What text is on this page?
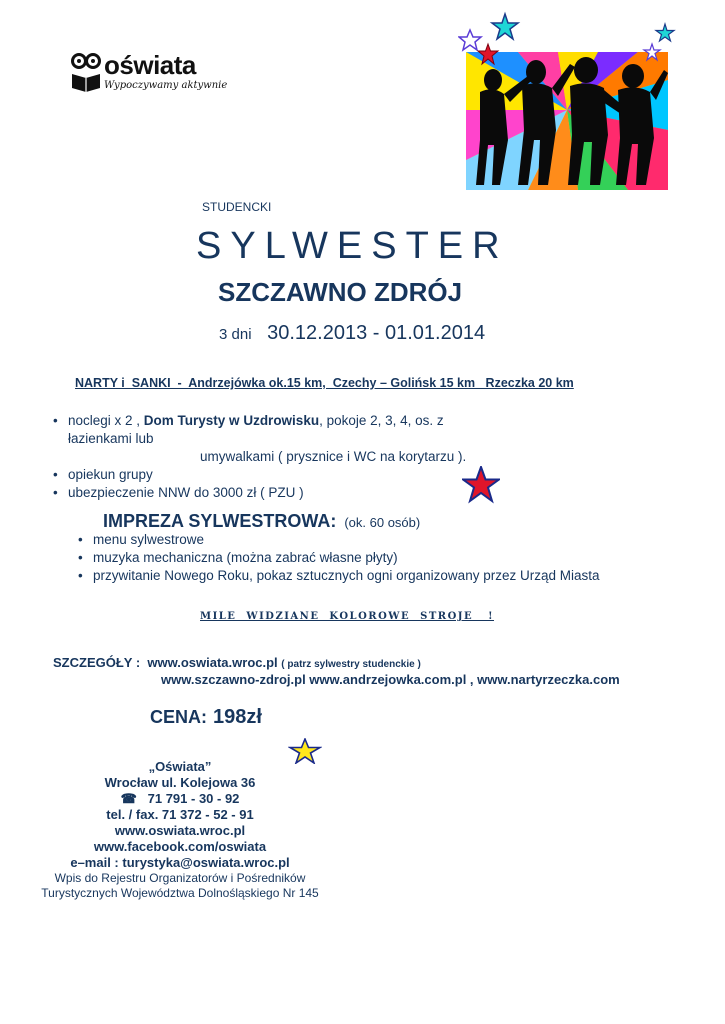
oświata
Wypoczywamy aktywnie
STUDENCKI
SYLWESTER
SZCZAWNO ZDRÓJ
3 dni 30.12.2013 - 01.01.2014
NARTY i  SANKI  -  Andrzejówka ok.15 km,  Czechy – Golińsk 15 km   Rzeczka 20 km
• noclegi x 2 , Dom Turysty w Uzdrowisku, pokoje 2, 3, 4, os. z łazienkami lub
umywalkami ( prysznice i WC na korytarzu ).
• opiekun grupy
• ubezpieczenie NNW do 3000 zł ( PZU )
IMPREZA SYLWESTROWA: (ok. 60 osób)
• menu sylwestrowe
• muzyka mechaniczna (można zabrać własne płyty)
• przywitanie Nowego Roku, pokaz sztucznych ogni organizowany przez Urząd Miasta
MILE  WIDZIANE  KOLOROWE  STROJE   !
SZCZEGÓŁY : www.oswiata.wroc.pl ( patrz sylwestry studenckie )
www.szczawno-zdroj.pl www.andrzejowka.com.pl , www.nartyrzeczka.com
CENA: 198zł
„Oświata”
Wrocław ul. Kolejowa 36
☎ 71 791 - 30 - 92
tel. / fax. 71 372 - 52 - 91
www.oswiata.wroc.pl
www.facebook.com/oswiata
e–mail : turystyka@oswiata.wroc.pl
Wpis do Rejestru Organizatorów i Pośredników
Turystycznych Województwa Dolnośląskiego Nr 145
